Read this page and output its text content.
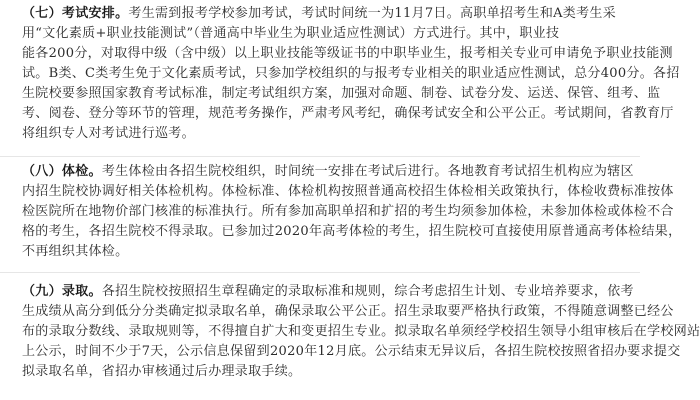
（七）考试安排。考生需到报考学校参加考试，考试时间统一为11月7日。高职单招考生和A类考生采
用“文化素质+职业技能测试”（普通高中毕业生为职业适应性测试）方式进行。其中，职业技
能各200分，对取得中级（含中级）以上职业技能等级证书的中职毕业生，报考相关专业可申请免予职业技能测
试。B类、C类考生免于文化素质考试，只参加学校组织的与报考专业相关的职业适应性测试，总分400分。各招
生院校要参照国家教育考试标准，制定考试组织方案，加强对命题、制卷、试卷分发、运送、保管、组考、监
考、阅卷、登分等环节的管理，规范考务操作，严肃考风考纪，确保考试安全和公平公正。考试期间，省教育厅
将组织专人对考试进行巡考。
（八）体检。考生体检由各招生院校组织，时间统一安排在考试后进行。各地教育考试招生机构应为辖区
内招生院校协调好相关体检机构。体检标准、体检机构按照普通高校招生体检相关政策执行，体检收费标准按体
检医院所在地物价部门核准的标准执行。所有参加高职单招和扩招的考生均须参加体检，未参加体检或体检不合
格的考生，各招生院校不得录取。已参加过2020年高考体检的考生，招生院校可直接使用原普通高考体检结果，
不再组织其体检。
（九）录取。各招生院校按照招生章程确定的录取标准和规则，综合考虑招生计划、专业培养要求，依考
生成绩从高分到低分分类确定拟录取名单，确保录取公平公正。招生录取要严格执行政策，不得随意调整已经公
布的录取分数线、录取规则等，不得擅自扩大和变更招生专业。拟录取名单须经学校招生领导小组审核后在学校网站
上公示，时间不少于7天，公示信息保留到2020年12月底。公示结束无异议后，各招生院校按照省招办要求提交
拟录取名单，省招办审核通过后办理录取手续。
